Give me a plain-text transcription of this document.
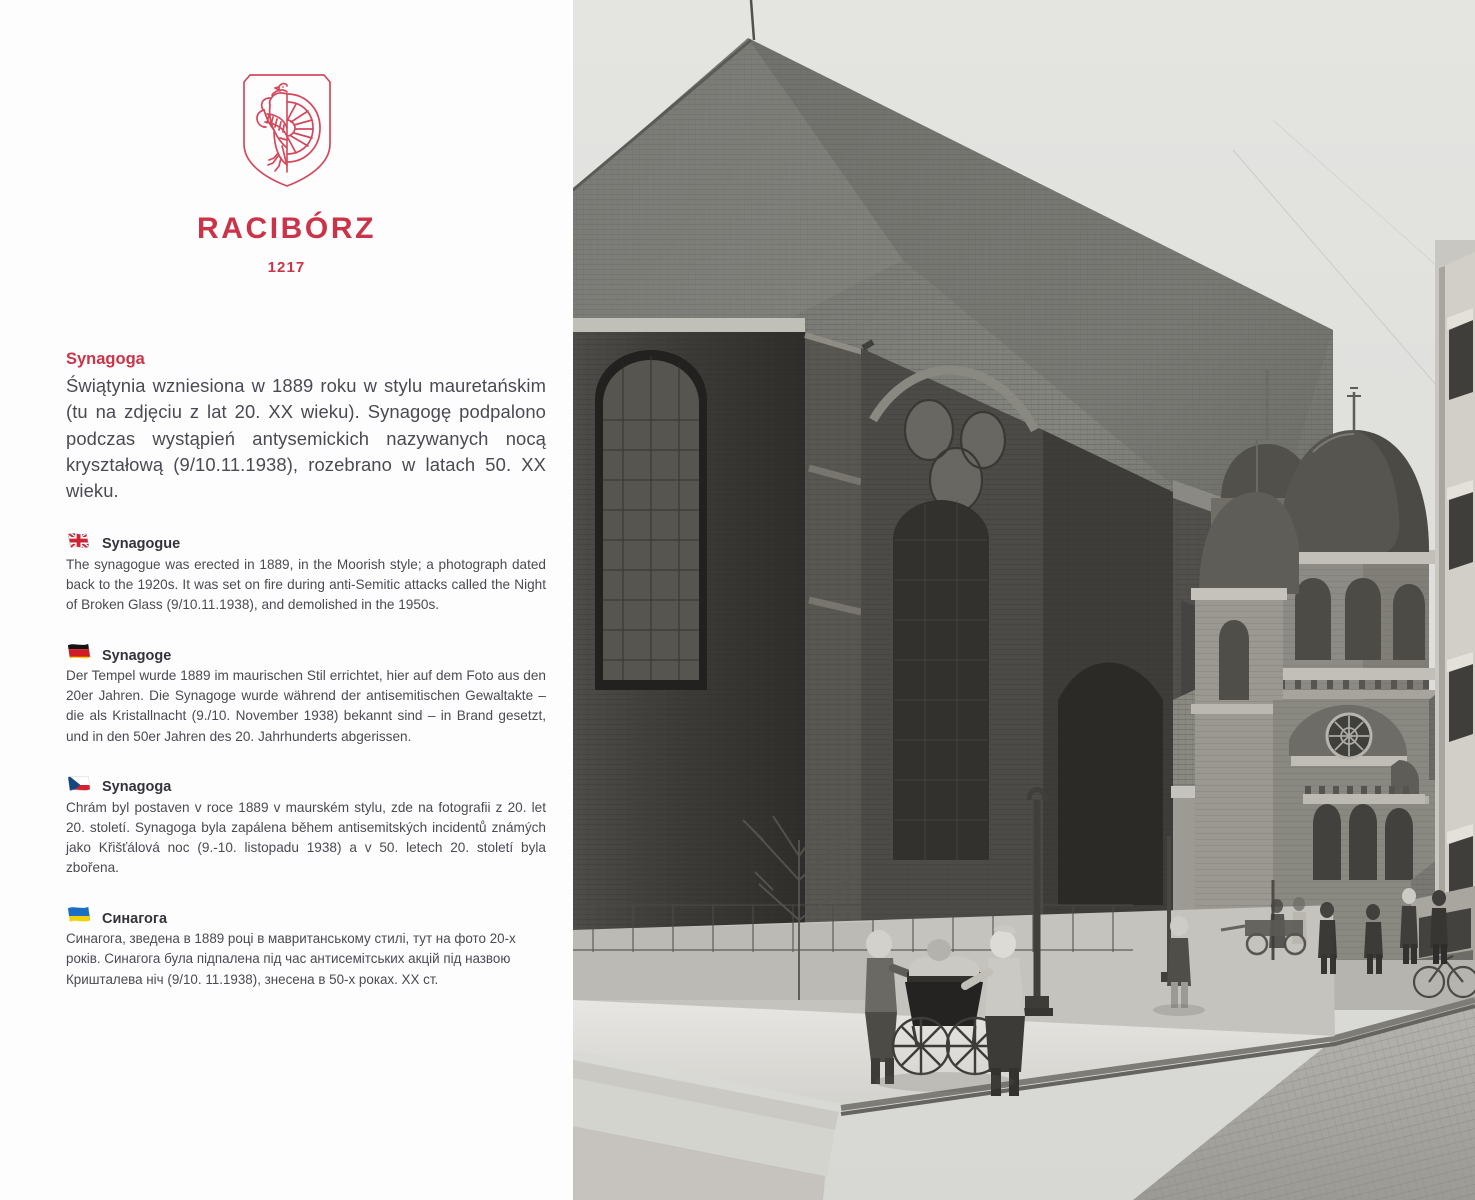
RACIBÓRZ
1217
Synagoga

Świątynia wzniesiona w 1889 roku w stylu mauretańskim (tu na zdjęciu z lat 20. XX wieku). Synagogę podpalono podczas wystąpień antysemickich nazywanych nocą kryształową (9/10.11.1938), rozebrano w latach 50. XX wieku.

Synagogue

The synagogue was erected in 1889, in the Moorish style; a photograph dated back to the 1920s. It was set on fire during anti-Semitic attacks called the Night of Broken Glass (9/10.11.1938), and demolished in the 1950s.

Synagoge

Der Tempel wurde 1889 im maurischen Stil errichtet, hier auf dem Foto aus den 20er Jahren. Die Synagoge wurde während der antisemitischen Gewaltakte – die als Kristallnacht (9./10. November 1938) bekannt sind – in Brand gesetzt, und in den 50er Jahren des 20. Jahrhunderts abgerissen.

Synagoga

Chrám byl postaven v roce 1889 v maurském stylu, zde na fotografii z 20. let 20. století. Synagoga byla zapálena během antisemitských incidentů známých jako Křišťálová noc (9.-10. listopadu 1938) a v 50. letech 20. století byla zbořena.

Синагога

Синагога, зведена в 1889 році в мавританському стилі, тут на фото 20-х років. Синагога була підпалена під час антисемітських акцій під назвою Кришталева ніч (9/10. 11.1938), знесена в 50-х роках. XX ст.
